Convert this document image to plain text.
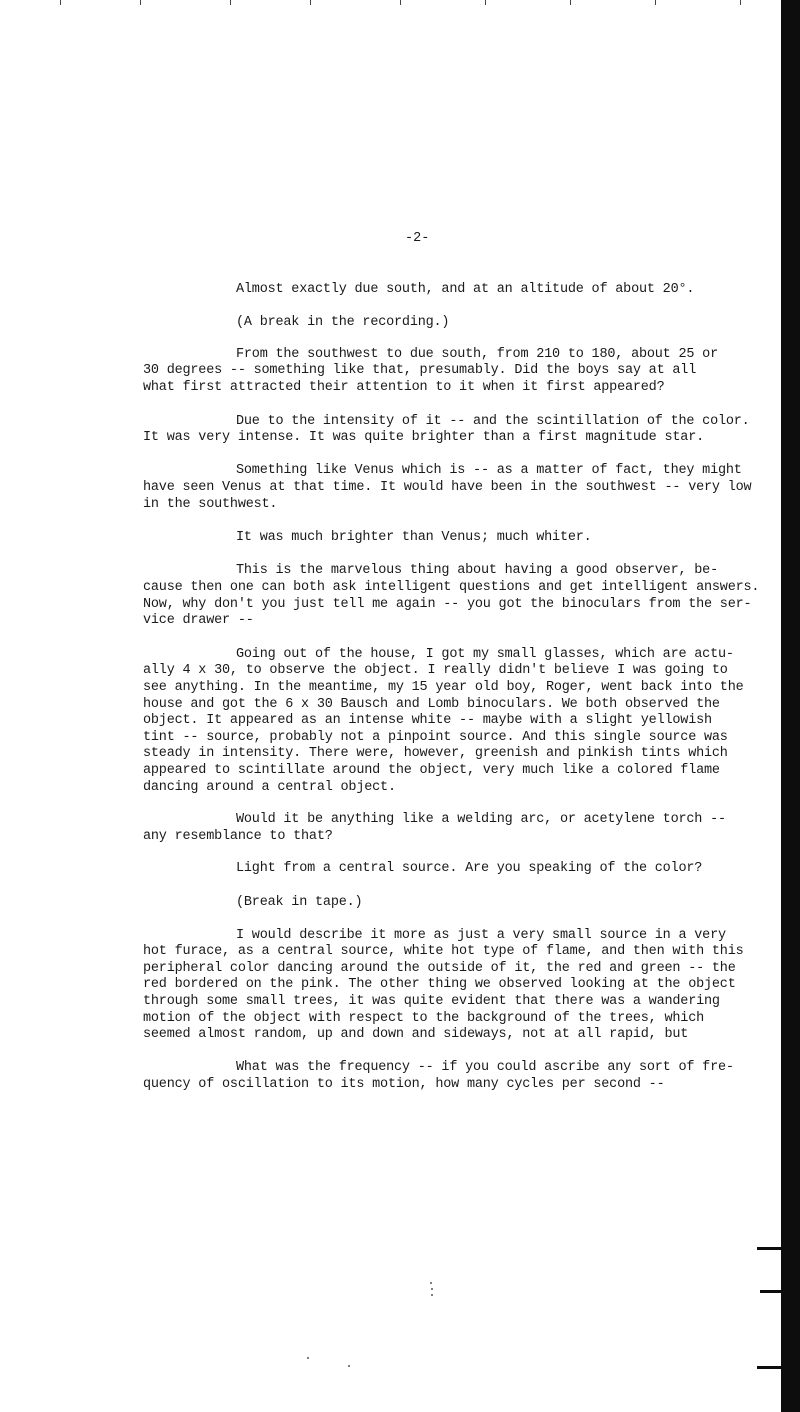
-2-
Almost exactly due south, and at an altitude of about 20°.
(A break in the recording.)
From the southwest to due south, from 210 to 180, about 25 or
30 degrees -- something like that, presumably. Did the boys say at all
what first attracted their attention to it when it first appeared?
Due to the intensity of it -- and the scintillation of the color.
It was very intense. It was quite brighter than a first magnitude star.
Something like Venus which is -- as a matter of fact, they might
have seen Venus at that time. It would have been in the southwest -- very low
in the southwest.
It was much brighter than Venus; much whiter.
This is the marvelous thing about having a good observer, be-
cause then one can both ask intelligent questions and get intelligent answers.
Now, why don't you just tell me again -- you got the binoculars from the ser-
vice drawer --
Going out of the house, I got my small glasses, which are actu-
ally 4 x 30, to observe the object. I really didn't believe I was going to
see anything. In the meantime, my 15 year old boy, Roger, went back into the
house and got the 6 x 30 Bausch and Lomb binoculars. We both observed the
object. It appeared as an intense white -- maybe with a slight yellowish
tint -- source, probably not a pinpoint source. And this single source was
steady in intensity. There were, however, greenish and pinkish tints which
appeared to scintillate around the object, very much like a colored flame
dancing around a central object.
Would it be anything like a welding arc, or acetylene torch --
any resemblance to that?
Light from a central source. Are you speaking of the color?
(Break in tape.)
I would describe it more as just a very small source in a very
hot furace, as a central source, white hot type of flame, and then with this
peripheral color dancing around the outside of it, the red and green -- the
red bordered on the pink. The other thing we observed looking at the object
through some small trees, it was quite evident that there was a wandering
motion of the object with respect to the background of the trees, which
seemed almost random, up and down and sideways, not at all rapid, but
What was the frequency -- if you could ascribe any sort of fre-
quency of oscillation to its motion, how many cycles per second --
